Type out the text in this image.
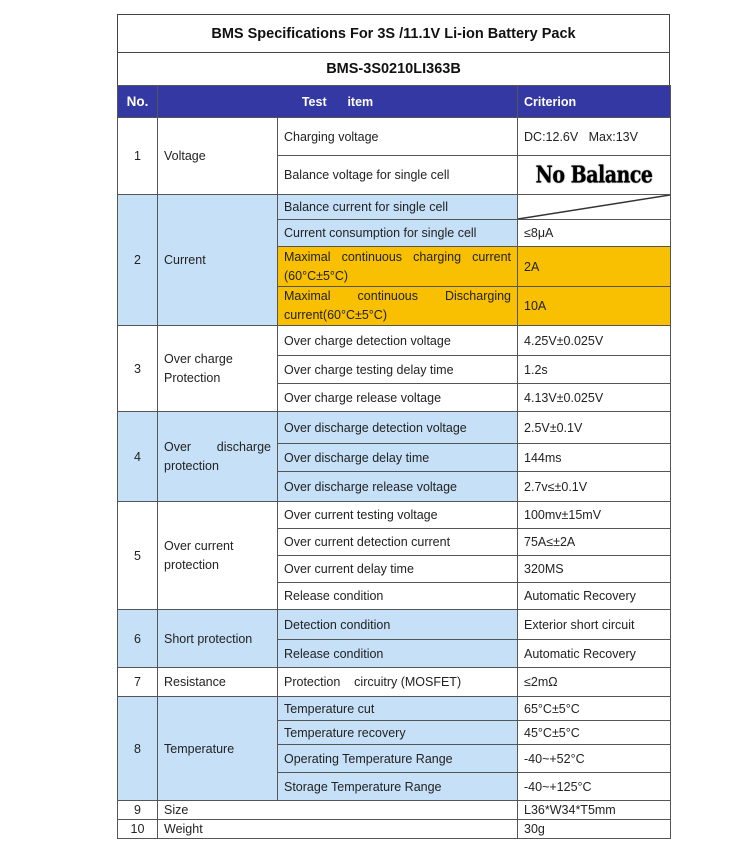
BMS Specifications For 3S /11.1V Li-ion Battery Pack
BMS-3S0210LI363B
No.	Test      item		Criterion
1	Voltage	Charging voltage	DC:12.6V   Max:13V
		Balance voltage for single cell	No Balance
2	Current	Balance current for single cell	

		Current consumption for single cell	≤8μA
		Maximal continuous charging current (60°C±5°C)	2A
		Maximal continuous Discharging current(60°C±5°C)	10A
3	Over charge Protection	Over charge detection voltage	4.25V±0.025V
		Over charge testing delay time	1.2s
		Over charge release voltage	4.13V±0.025V
4	Over discharge protection	Over discharge detection voltage	2.5V±0.1V
		Over discharge delay time	144ms
		Over discharge release voltage	2.7v≤±0.1V
5	Over current protection	Over current testing voltage	100mv±15mV
		Over current detection current	75A≤±2A
		Over current delay time	320MS
		Release condition	Automatic Recovery
6	Short protection	Detection condition	Exterior short circuit
		Release condition	Automatic Recovery
7	Resistance	Protection    circuitry (MOSFET)	≤2mΩ
8	Temperature	Temperature cut	65°C±5°C
		Temperature recovery	45°C±5°C
		Operating Temperature Range	-40~+52°C
		Storage Temperature Range	-40~+125°C
9	Size		L36*W34*T5mm
10	Weight		30g
